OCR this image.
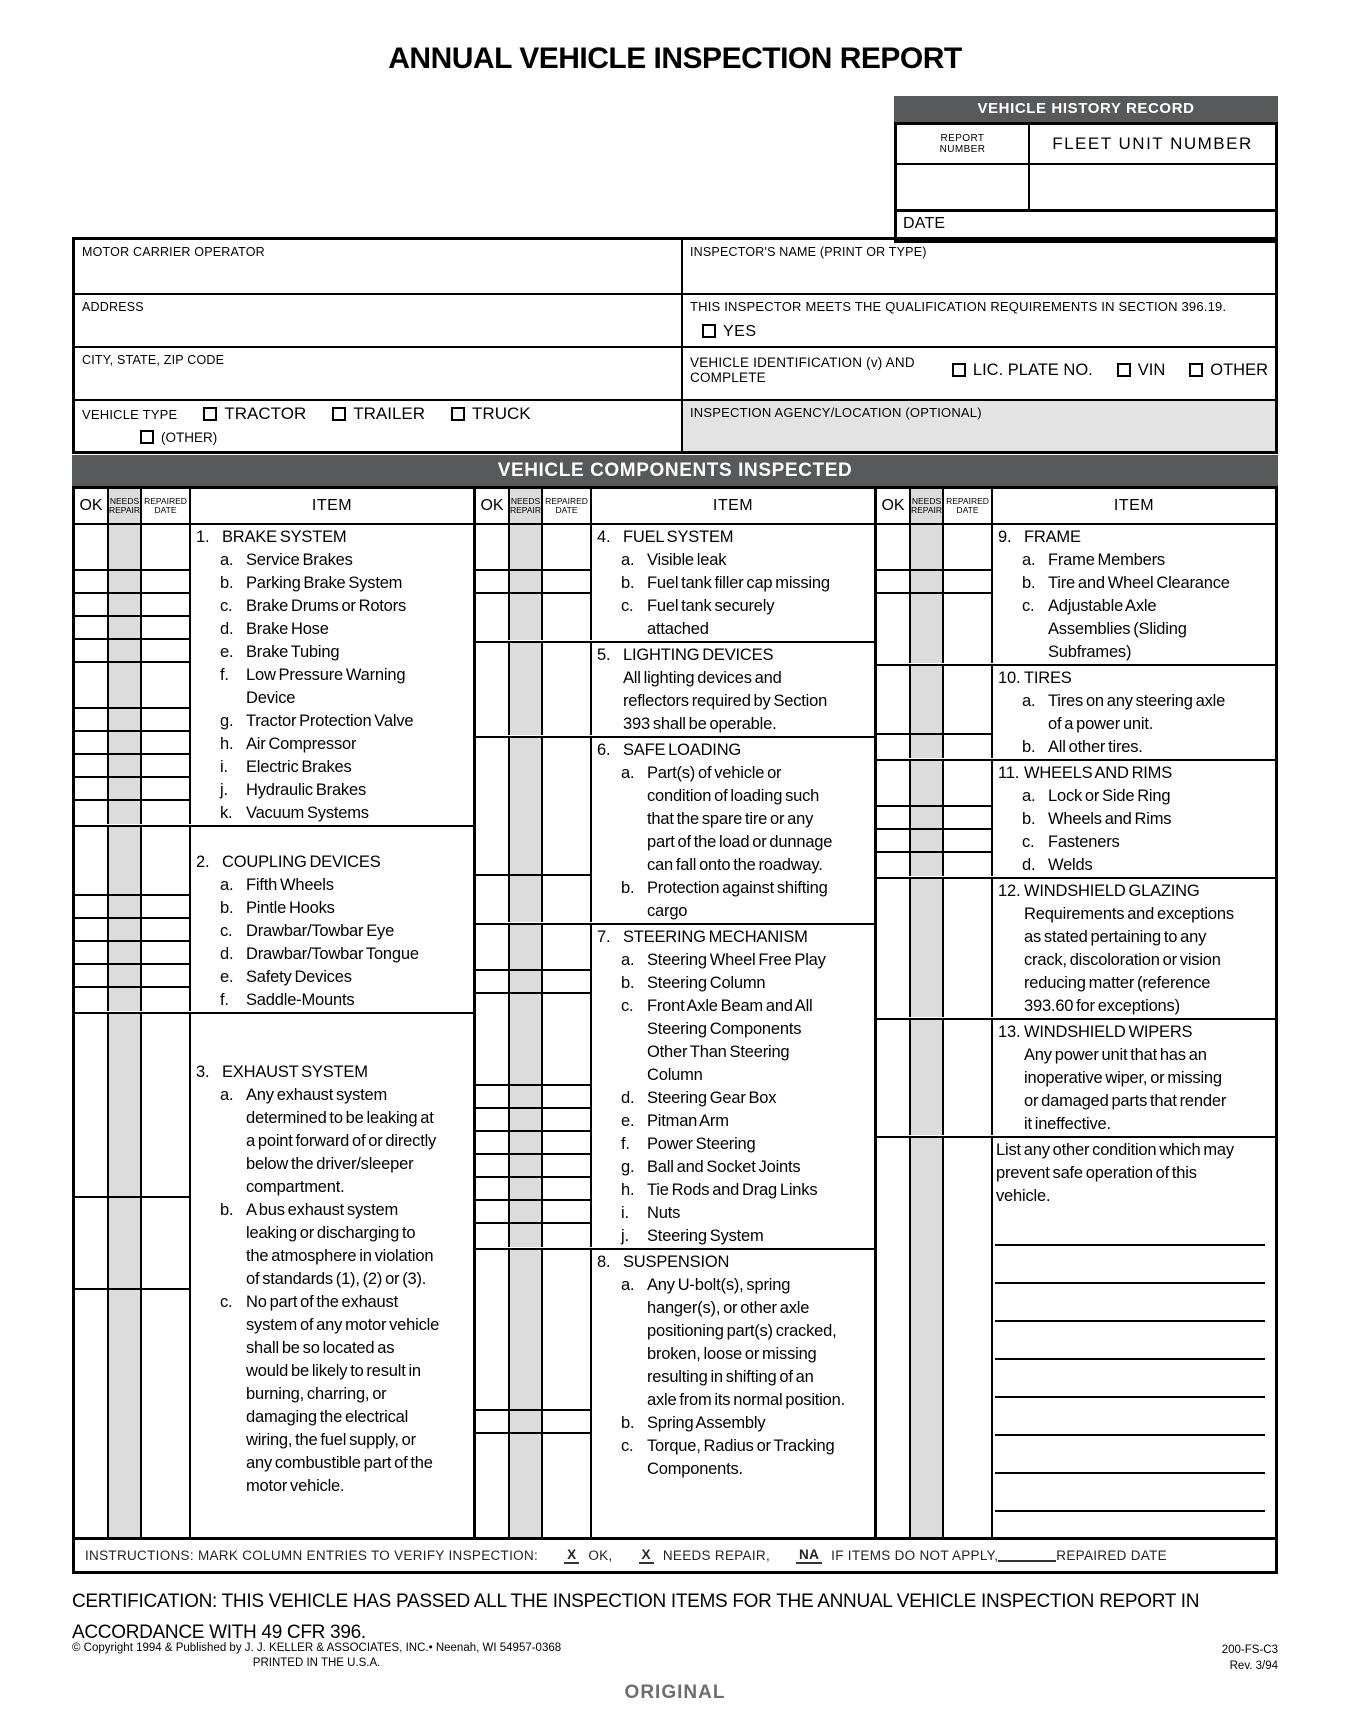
ANNUAL VEHICLE INSPECTION REPORT
VEHICLE HISTORY RECORD
REPORT
NUMBER	FLEET UNIT NUMBER
DATE
MOTOR CARRIER OPERATOR	INSPECTOR'S NAME (PRINT OR TYPE)
ADDRESS	THIS INSPECTOR MEETS THE QUALIFICATION REQUIREMENTS IN SECTION 396.19.
YES
CITY, STATE, ZIP CODE	VEHICLE IDENTIFICATION (v) AND COMPLETE	LIC. PLATE NO.	VIN	OTHER
VEHICLE TYPE	TRACTOR	TRAILER	TRUCK
(OTHER)
INSPECTION AGENCY/LOCATION (OPTIONAL)
VEHICLE COMPONENTS INSPECTED
OK NEEDS
REPAIR
REPAIRED
DATE	ITEM
1. BRAKE SYSTEM
a. Service Brakes
b. Parking Brake System
c. Brake Drums or Rotors
d. Brake Hose
e. Brake Tubing
f. Low Pressure Warning
Device
g. Tractor Protection Valve
h. Air Compressor
i. Electric Brakes
j. Hydraulic Brakes
k. Vacuum Systems
2. COUPLING DEVICES
a. Fifth Wheels
b. Pintle Hooks
c. Drawbar/Towbar Eye
d. Drawbar/Towbar Tongue
e. Safety Devices
f. Saddle-Mounts
3. EXHAUST SYSTEM
a. Any exhaust system
determined to be leaking at
a point forward of or directly
below the driver/sleeper
compartment.
b. A bus exhaust system
leaking or discharging to
the atmosphere in violation
of standards (1), (2) or (3).
c. No part of the exhaust
system of any motor vehicle
shall be so located as
would be likely to result in
burning, charring, or
damaging the electrical
wiring, the fuel supply, or
any combustible part of the
motor vehicle.
OK NEEDS
REPAIR
REPAIRED
DATE	ITEM
4. FUEL SYSTEM
a. Visible leak
b. Fuel tank filler cap missing
c. Fuel tank securely
attached
5. LIGHTING DEVICES
All lighting devices and
reflectors required by Section
393 shall be operable.
6. SAFE LOADING
a. Part(s) of vehicle or
condition of loading such
that the spare tire or any
part of the load or dunnage
can fall onto the roadway.
b. Protection against shifting
cargo
7. STEERING MECHANISM
a. Steering Wheel Free Play
b. Steering Column
c. Front Axle Beam and All
Steering Components
Other Than Steering
Column
d. Steering Gear Box
e. Pitman Arm
f. Power Steering
g. Ball and Socket Joints
h. Tie Rods and Drag Links
i. Nuts
j. Steering System
8. SUSPENSION
a. Any U-bolt(s), spring
hanger(s), or other axle
positioning part(s) cracked,
broken, loose or missing
resulting in shifting of an
axle from its normal position.
b. Spring Assembly
c. Torque, Radius or Tracking
Components.
OK NEEDS
REPAIR
REPAIRED
DATE	ITEM
9. FRAME
a. Frame Members
b. Tire and Wheel Clearance
c. Adjustable Axle
Assemblies (Sliding
Subframes)
10. TIRES
a. Tires on any steering axle
of a power unit.
b. All other tires.
11. WHEELS AND RIMS
a. Lock or Side Ring
b. Wheels and Rims
c. Fasteners
d. Welds
12. WINDSHIELD GLAZING
Requirements and exceptions
as stated pertaining to any
crack, discoloration or vision
reducing matter (reference
393.60 for exceptions)
13. WINDSHIELD WIPERS
Any power unit that has an
inoperative wiper, or missing
or damaged parts that render
it ineffective.
List any other condition which may
prevent safe operation of this
vehicle.
INSTRUCTIONS: MARK COLUMN ENTRIES TO VERIFY INSPECTION: X OK, X NEEDS REPAIR, NA IF ITEMS DO NOT APPLY,	REPAIRED DATE
CERTIFICATION: THIS VEHICLE HAS PASSED ALL THE INSPECTION ITEMS FOR THE ANNUAL VEHICLE INSPECTION REPORT IN ACCORDANCE WITH 49 CFR 396.
© Copyright 1994 & Published by J. J. KELLER & ASSOCIATES, INC.• Neenah, WI 54957-0368
PRINTED IN THE U.S.A.
200-FS-C3
Rev. 3/94
ORIGINAL
